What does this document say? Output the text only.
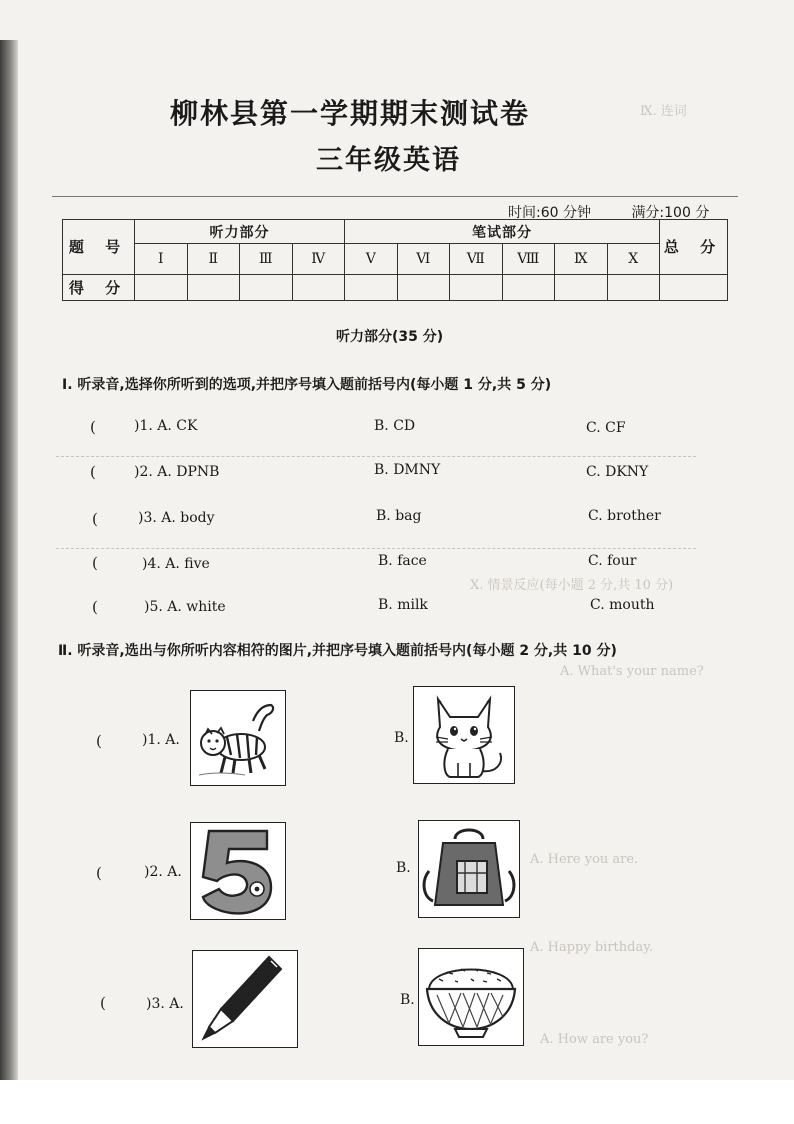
Ⅸ. 连词
X. 情景反应(每小题 2 分,共 10 分)
A. What's your name?
A. Here you are.
A. Happy birthday.
A. How are you?
柳林县第一学期期末测试卷
三年级英语
时间:60 分钟	满分:100 分
题 号	听力部分				笔试部分						总 分
	Ⅰ	Ⅱ	Ⅲ	Ⅳ	Ⅴ	Ⅵ	Ⅶ	Ⅷ	Ⅸ	Ⅹ	
得 分											
听力部分(35 分)
Ⅰ. 听录音,选择你所听到的选项,并把序号填入题前括号内(每小题 1 分,共 5 分)
(	)1. A. CK	B. CD	C. CF
(	)2. A. DPNB	B. DMNY	C. DKNY
(	)3. A. body	B. bag	C. brother
(	)4. A. five	B. face	C. four
(	)5. A. white	B. milk	C. mouth
Ⅱ. 听录音,选出与你所听内容相符的图片,并把序号填入题前括号内(每小题 2 分,共 10 分)
(	)1. A.	B.
(	)2. A.	B.
(	)3. A.	B.
